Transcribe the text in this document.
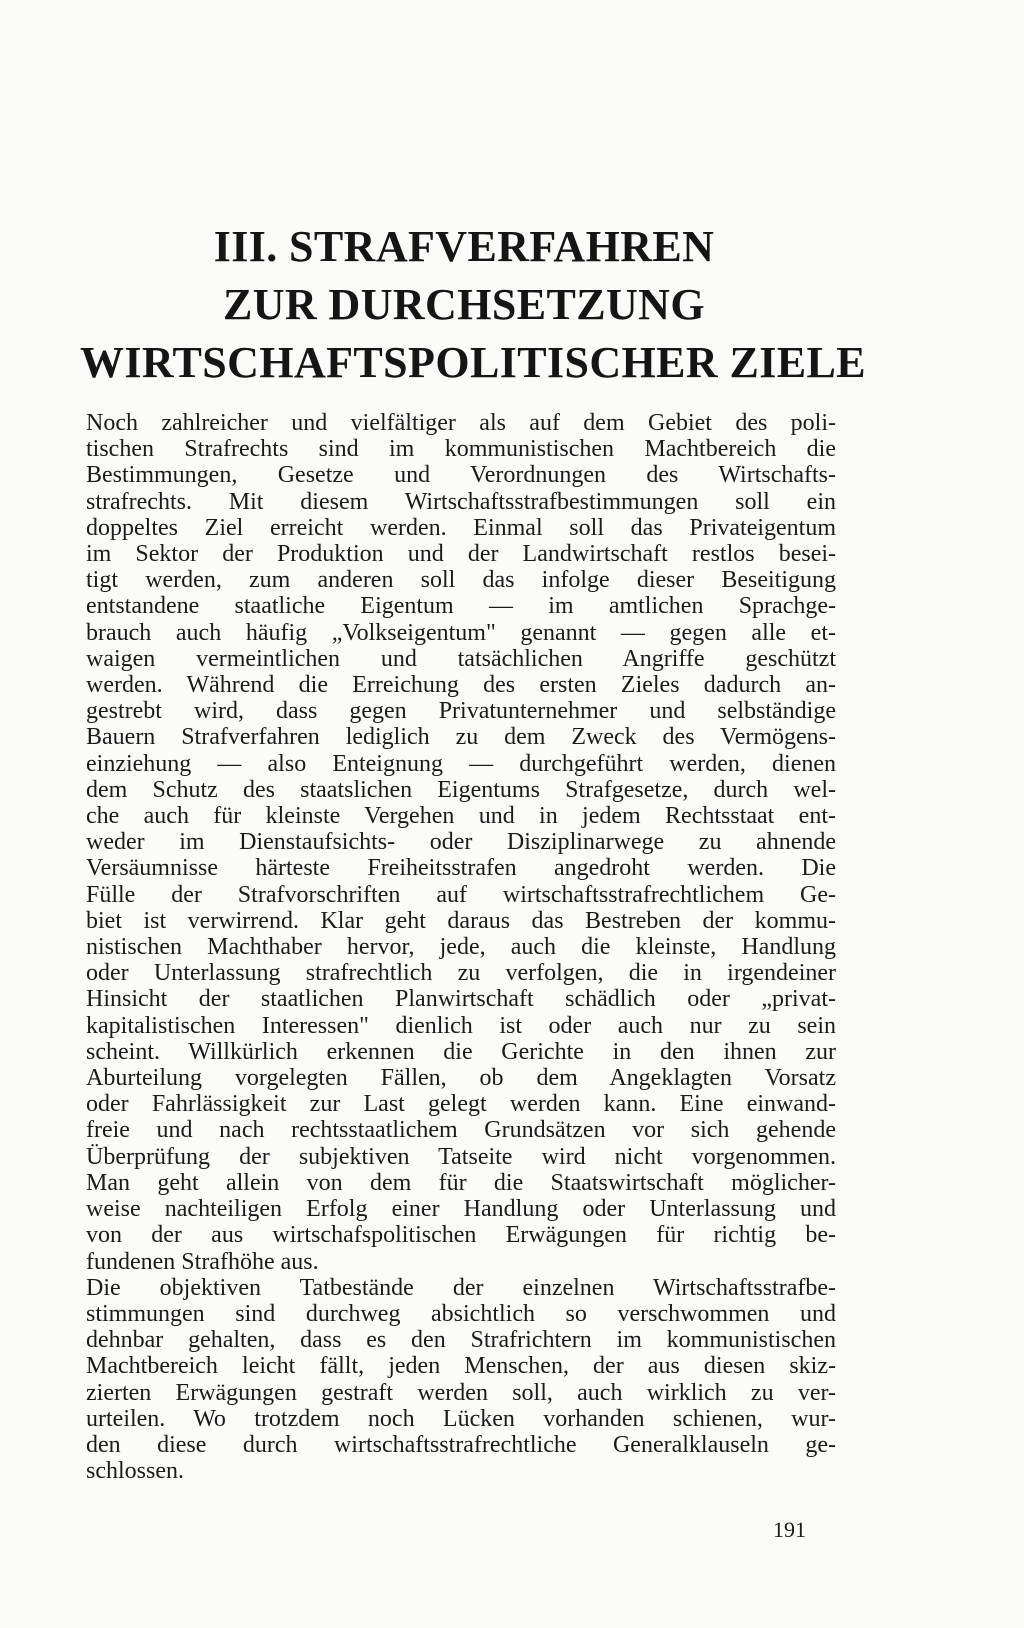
III. STRAFVERFAHREN
ZUR DURCHSETZUNG
WIRTSCHAFTSPOLITISCHER ZIELE
Noch zahlreicher und vielfältiger als auf dem Gebiet des poli-
tischen Strafrechts sind im kommunistischen Machtbereich die
Bestimmungen, Gesetze und Verordnungen des Wirtschafts-
strafrechts. Mit diesem Wirtschaftsstrafbestimmungen soll ein
doppeltes Ziel erreicht werden. Einmal soll das Privateigentum
im Sektor der Produktion und der Landwirtschaft restlos besei-
tigt werden, zum anderen soll das infolge dieser Beseitigung
entstandene staatliche Eigentum — im amtlichen Sprachge-
brauch auch häufig „Volkseigentum" genannt — gegen alle et-
waigen vermeintlichen und tatsächlichen Angriffe geschützt
werden. Während die Erreichung des ersten Zieles dadurch an-
gestrebt wird, dass gegen Privatunternehmer und selbständige
Bauern Strafverfahren lediglich zu dem Zweck des Vermögens-
einziehung — also Enteignung — durchgeführt werden, dienen
dem Schutz des staatslichen Eigentums Strafgesetze, durch wel-
che auch für kleinste Vergehen und in jedem Rechtsstaat ent-
weder im Dienstaufsichts- oder Disziplinarwege zu ahnende
Versäumnisse härteste Freiheitsstrafen angedroht werden. Die
Fülle der Strafvorschriften auf wirtschaftsstrafrechtlichem Ge-
biet ist verwirrend. Klar geht daraus das Bestreben der kommu-
nistischen Machthaber hervor, jede, auch die kleinste, Handlung
oder Unterlassung strafrechtlich zu verfolgen, die in irgendeiner
Hinsicht der staatlichen Planwirtschaft schädlich oder „privat-
kapitalistischen Interessen" dienlich ist oder auch nur zu sein
scheint. Willkürlich erkennen die Gerichte in den ihnen zur
Aburteilung vorgelegten Fällen, ob dem Angeklagten Vorsatz
oder Fahrlässigkeit zur Last gelegt werden kann. Eine einwand-
freie und nach rechtsstaatlichem Grundsätzen vor sich gehende
Überprüfung der subjektiven Tatseite wird nicht vorgenommen.
Man geht allein von dem für die Staatswirtschaft möglicher-
weise nachteiligen Erfolg einer Handlung oder Unterlassung und
von der aus wirtschafspolitischen Erwägungen für richtig be-
fundenen Strafhöhe aus.
Die objektiven Tatbestände der einzelnen Wirtschaftsstrafbe-
stimmungen sind durchweg absichtlich so verschwommen und
dehnbar gehalten, dass es den Strafrichtern im kommunistischen
Machtbereich leicht fällt, jeden Menschen, der aus diesen skiz-
zierten Erwägungen gestraft werden soll, auch wirklich zu ver-
urteilen. Wo trotzdem noch Lücken vorhanden schienen, wur-
den diese durch wirtschaftsstrafrechtliche Generalklauseln ge-
schlossen.
191
